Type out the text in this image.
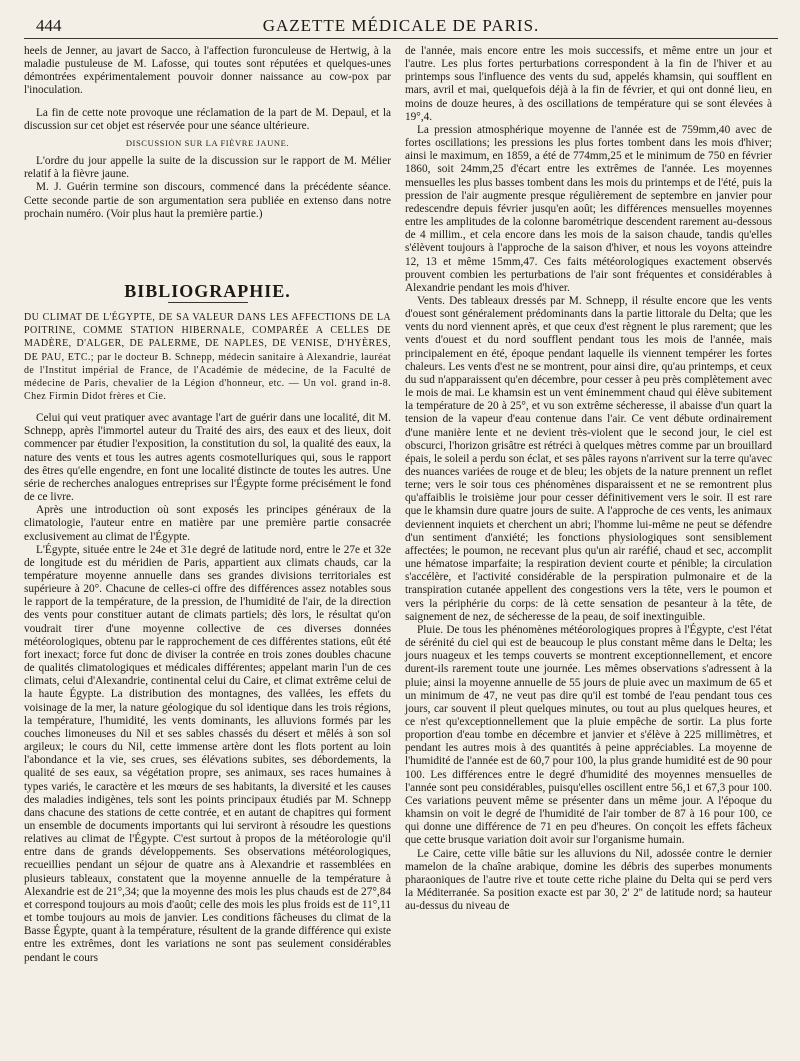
444	GAZETTE MÉDICALE DE PARIS.

heels de Jenner, au javart de Sacco, à l'affection furonculeuse de Hertwig, à la maladie pustuleuse de M. Lafosse, qui toutes sont réputées et quelques-unes démontrées expérimentalement pouvoir donner naissance au cow-pox par l'inoculation.

La fin de cette note provoque une réclamation de la part de M. Depaul, et la discussion sur cet objet est réservée pour une séance ultérieure.

DISCUSSION SUR LA FIÈVRE JAUNE.

L'ordre du jour appelle la suite de la discussion sur le rapport de M. Mélier relatif à la fièvre jaune.

M. J. Guérin termine son discours, commencé dans la précédente séance. Cette seconde partie de son argumentation sera publiée en extenso dans notre prochain numéro. (Voir plus haut la première partie.)

BIBLIOGRAPHIE.

DU CLIMAT DE L'ÉGYPTE, DE SA VALEUR DANS LES AFFECTIONS DE LA POITRINE, COMME STATION HIBERNALE, COMPARÉE A CELLES DE MADÈRE, D'ALGER, DE PALERME, DE NAPLES, DE VENISE, D'HYÈRES, DE PAU, ETC.; par le docteur B. Schnepp, médecin sanitaire à Alexandrie, lauréat de l'Institut impérial de France, de l'Académie de médecine, de la Faculté de médecine de Paris, chevalier de la Légion d'honneur, etc. — Un vol. grand in-8. Chez Firmin Didot frères et Cie.

Celui qui veut pratiquer avec avantage l'art de guérir dans une localité, dit M. Schnepp, après l'immortel auteur du Traité des airs, des eaux et des lieux, doit commencer par étudier l'exposition, la constitution du sol, la qualité des eaux, la nature des vents et tous les autres agents cosmotelluriques qui, sous le rapport des êtres qu'elle engendre, en font une localité distincte de toutes les autres. Une série de recherches analogues entreprises sur l'Égypte forme précisément le fond de ce livre.

Après une introduction où sont exposés les principes généraux de la climatologie, l'auteur entre en matière par une première partie consacrée exclusivement au climat de l'Égypte.

L'Égypte, située entre le 24e et 31e degré de latitude nord, entre le 27e et 32e de longitude est du méridien de Paris, appartient aux climats chauds, car la température moyenne annuelle dans ses grandes divisions territoriales est supérieure à 20°. Chacune de celles-ci offre des différences assez notables sous le rapport de la température, de la pression, de l'humidité de l'air, de la direction des vents pour constituer autant de climats partiels; dès lors, le résultat qu'on voudrait tirer d'une moyenne collective de ces diverses données météorologiques, obtenu par le rapprochement de ces différentes stations, eût été fort inexact; force fut donc de diviser la contrée en trois zones doubles chacune de qualités climatologiques et médicales différentes; appelant marin l'un de ces climats, celui d'Alexandrie, continental celui du Caire, et climat extrême celui de la haute Égypte. La distribution des montagnes, des vallées, les effets du voisinage de la mer, la nature géologique du sol identique dans les trois régions, la température, l'humidité, les vents dominants, les alluvions formés par les couches limoneuses du Nil et ses sables chassés du désert et mêlés à son sol argileux; le cours du Nil, cette immense artère dont les flots portent au loin l'abondance et la vie, ses crues, ses élévations subites, ses débordements, la qualité de ses eaux, sa végétation propre, ses animaux, ses races humaines à types variés, le caractère et les mœurs de ses habitants, la diversité et les causes des maladies indigènes, tels sont les points principaux étudiés par M. Schnepp dans chacune des stations de cette contrée, et en autant de chapitres qui forment un ensemble de documents importants qui lui serviront à résoudre les questions relatives au climat de l'Égypte. C'est surtout à propos de la météorologie qu'il entre dans de grands développements. Ses observations météorologiques, recueillies pendant un séjour de quatre ans à Alexandrie et rassemblées en plusieurs tableaux, constatent que la moyenne annuelle de la température à Alexandrie est de 21°,34; que la moyenne des mois les plus chauds est de 27°,84 et correspond toujours au mois d'août; celle des mois les plus froids est de 11°,11 et tombe toujours au mois de janvier. Les conditions fâcheuses du climat de la Basse Égypte, quant à la température, résultent de la grande différence qui existe entre les extrêmes, dont les variations ne sont pas seulement considérables pendant le cours

de l'année, mais encore entre les mois successifs, et même entre un jour et l'autre. Les plus fortes perturbations correspondent à la fin de l'hiver et au printemps sous l'influence des vents du sud, appelés khamsin, qui soufflent en mars, avril et mai, quelquefois déjà à la fin de février, et qui ont donné lieu, en moins de douze heures, à des oscillations de température qui se sont élevées à 19°,4.

La pression atmosphérique moyenne de l'année est de 759mm,40 avec de fortes oscillations; les pressions les plus fortes tombent dans les mois d'hiver; ainsi le maximum, en 1859, a été de 774mm,25 et le minimum de 750 en février 1860, soit 24mm,25 d'écart entre les extrêmes de l'année. Les moyennes mensuelles les plus basses tombent dans les mois du printemps et de l'été, puis la pression de l'air augmente presque régulièrement de septembre en janvier pour redescendre depuis février jusqu'en août; les différences mensuelles moyennes entre les amplitudes de la colonne barométrique descendent rarement au-dessous de 4 millim., et cela encore dans les mois de la saison chaude, tandis qu'elles s'élèvent toujours à l'approche de la saison d'hiver, et nous les voyons atteindre 12, 13 et même 15mm,47. Ces faits météorologiques exactement observés prouvent combien les perturbations de l'air sont fréquentes et considérables à Alexandrie pendant les mois d'hiver.

Vents. Des tableaux dressés par M. Schnepp, il résulte encore que les vents d'ouest sont généralement prédominants dans la partie littorale du Delta; que les vents du nord viennent après, et que ceux d'est règnent le plus rarement; que les vents d'ouest et du nord soufflent pendant tous les mois de l'année, mais principalement en été, époque pendant laquelle ils viennent tempérer les fortes chaleurs. Les vents d'est ne se montrent, pour ainsi dire, qu'au printemps, et ceux du sud n'apparaissent qu'en décembre, pour cesser à peu près complètement avec le mois de mai. Le khamsin est un vent éminemment chaud qui élève subitement la température de 20 à 25°, et vu son extrême sécheresse, il abaisse d'un quart la tension de la vapeur d'eau contenue dans l'air. Ce vent débute ordinairement d'une manière lente et ne devient très-violent que le second jour, le ciel est obscurci, l'horizon grisâtre est rétréci à quelques mètres comme par un brouillard épais, le soleil a perdu son éclat, et ses pâles rayons n'arrivent sur la terre qu'avec des nuances variées de rouge et de bleu; les objets de la nature prennent un reflet terne; vers le soir tous ces phénomènes disparaissent et ne se remontrent plus qu'affaiblis le troisième jour pour cesser définitivement vers le soir. Il est rare que le khamsin dure quatre jours de suite. A l'approche de ces vents, les animaux deviennent inquiets et cherchent un abri; l'homme lui-même ne peut se défendre d'un sentiment d'anxiété; les fonctions physiologiques sont sensiblement affectées; le poumon, ne recevant plus qu'un air raréfié, chaud et sec, accomplit une hématose imparfaite; la respiration devient courte et pénible; la circulation s'accélère, et l'activité considérable de la perspiration pulmonaire et de la transpiration cutanée appellent des congestions vers la tête, vers le poumon et vers la périphérie du corps: de là cette sensation de pesanteur à la tête, de saignement de nez, de sécheresse de la peau, de soif inextinguible.

Pluie. De tous les phénomènes météorologiques propres à l'Égypte, c'est l'état de sérénité du ciel qui est de beaucoup le plus constant même dans le Delta; les jours nuageux et les temps couverts se montrent exceptionnellement, et encore durent-ils rarement toute une journée. Les mêmes observations s'adressent à la pluie; ainsi la moyenne annuelle de 55 jours de pluie avec un maximum de 65 et un minimum de 47, ne veut pas dire qu'il est tombé de l'eau pendant tous ces jours, car souvent il pleut quelques minutes, ou tout au plus quelques heures, et ce n'est qu'exceptionnellement que la pluie empêche de sortir. La plus forte proportion d'eau tombe en décembre et janvier et s'élève à 225 millimètres, et pendant les autres mois à des quantités à peine appréciables. La moyenne de l'humidité de l'année est de 60,7 pour 100, la plus grande humidité est de 90 pour 100. Les différences entre le degré d'humidité des moyennes mensuelles de l'année sont peu considérables, puisqu'elles oscillent entre 56,1 et 67,3 pour 100. Ces variations peuvent même se présenter dans un même jour. A l'époque du khamsin on voit le degré de l'humidité de l'air tomber de 87 à 16 pour 100, ce qui donne une différence de 71 en peu d'heures. On conçoit les effets fâcheux que cette brusque variation doit avoir sur l'organisme humain.

Le Caire, cette ville bâtie sur les alluvions du Nil, adossée contre le dernier mamelon de la chaîne arabique, domine les débris des superbes monuments pharaoniques de l'autre rive et toute cette riche plaine du Delta qui se perd vers la Méditerranée. Sa position exacte est par 30, 2' 2'' de latitude nord; sa hauteur au-dessus du niveau de
